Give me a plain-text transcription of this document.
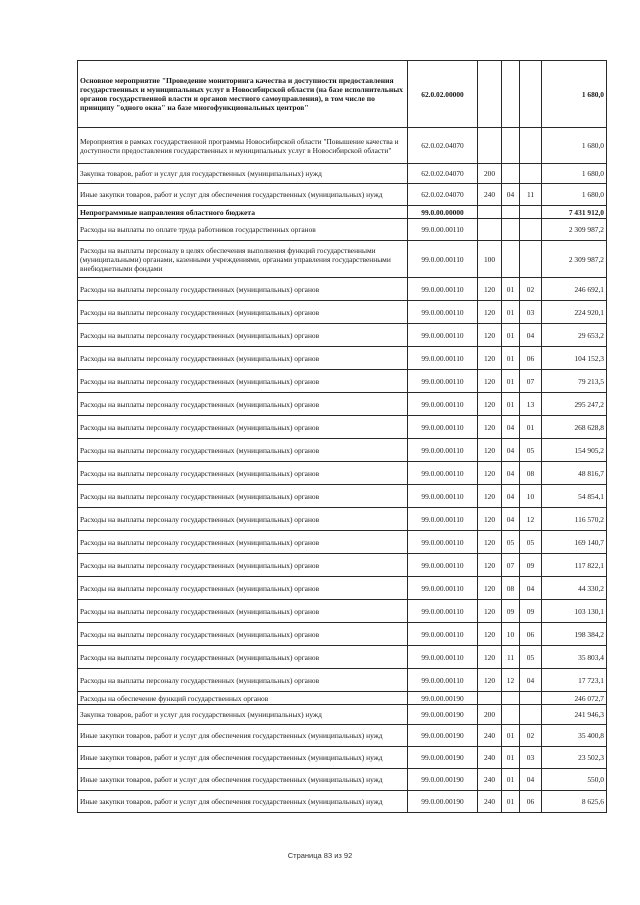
Основное мероприятие "Проведение мониторинга качества и доступности предоставления государственных и муниципальных услуг в Новосибирской области (на базе исполнительных органов государственной власти и органов местного самоуправления), в том числе по принципу "одного окна" на базе многофункциональных центров"	62.0.02.00000				1 680,0
Мероприятия в рамках государственной программы Новосибирской области "Повышение качества и доступности предоставления государственных и муниципальных услуг в Новосибирской области"	62.0.02.04070				1 680,0
Закупка товаров, работ и услуг для государственных (муниципальных) нужд	62.0.02.04070	200			1 680,0
Иные закупки товаров, работ и услуг для обеспечения государственных (муниципальных) нужд	62.0.02.04070	240	04	11	1 680,0
Непрограммные направления областного бюджета	99.0.00.00000				7 431 912,0
Расходы на выплаты по оплате труда работников государственных органов	99.0.00.00110				2 309 987,2
Расходы на выплаты персоналу в целях обеспечения выполнения функций государственными (муниципальными) органами, казенными учреждениями, органами управления государственными внебюджетными фондами	99.0.00.00110	100			2 309 987,2
Расходы на выплаты персоналу государственных (муниципальных) органов	99.0.00.00110	120	01	02	246 692,1
Расходы на выплаты персоналу государственных (муниципальных) органов	99.0.00.00110	120	01	03	224 920,1
Расходы на выплаты персоналу государственных (муниципальных) органов	99.0.00.00110	120	01	04	29 653,2
Расходы на выплаты персоналу государственных (муниципальных) органов	99.0.00.00110	120	01	06	104 152,3
Расходы на выплаты персоналу государственных (муниципальных) органов	99.0.00.00110	120	01	07	79 213,5
Расходы на выплаты персоналу государственных (муниципальных) органов	99.0.00.00110	120	01	13	295 247,2
Расходы на выплаты персоналу государственных (муниципальных) органов	99.0.00.00110	120	04	01	268 628,8
Расходы на выплаты персоналу государственных (муниципальных) органов	99.0.00.00110	120	04	05	154 905,2
Расходы на выплаты персоналу государственных (муниципальных) органов	99.0.00.00110	120	04	08	48 816,7
Расходы на выплаты персоналу государственных (муниципальных) органов	99.0.00.00110	120	04	10	54 854,1
Расходы на выплаты персоналу государственных (муниципальных) органов	99.0.00.00110	120	04	12	116 570,2
Расходы на выплаты персоналу государственных (муниципальных) органов	99.0.00.00110	120	05	05	169 140,7
Расходы на выплаты персоналу государственных (муниципальных) органов	99.0.00.00110	120	07	09	117 822,1
Расходы на выплаты персоналу государственных (муниципальных) органов	99.0.00.00110	120	08	04	44 330,2
Расходы на выплаты персоналу государственных (муниципальных) органов	99.0.00.00110	120	09	09	103 130,1
Расходы на выплаты персоналу государственных (муниципальных) органов	99.0.00.00110	120	10	06	198 384,2
Расходы на выплаты персоналу государственных (муниципальных) органов	99.0.00.00110	120	11	05	35 803,4
Расходы на выплаты персоналу государственных (муниципальных) органов	99.0.00.00110	120	12	04	17 723,1
Расходы на обеспечение функций государственных органов	99.0.00.00190				246 072,7
Закупка товаров, работ и услуг для государственных (муниципальных) нужд	99.0.00.00190	200			241 946,3
Иные закупки товаров, работ и услуг для обеспечения государственных (муниципальных) нужд	99.0.00.00190	240	01	02	35 400,8
Иные закупки товаров, работ и услуг для обеспечения государственных (муниципальных) нужд	99.0.00.00190	240	01	03	23 502,3
Иные закупки товаров, работ и услуг для обеспечения государственных (муниципальных) нужд	99.0.00.00190	240	01	04	550,0
Иные закупки товаров, работ и услуг для обеспечения государственных (муниципальных) нужд	99.0.00.00190	240	01	06	8 625,6
Страница 83 из 92
